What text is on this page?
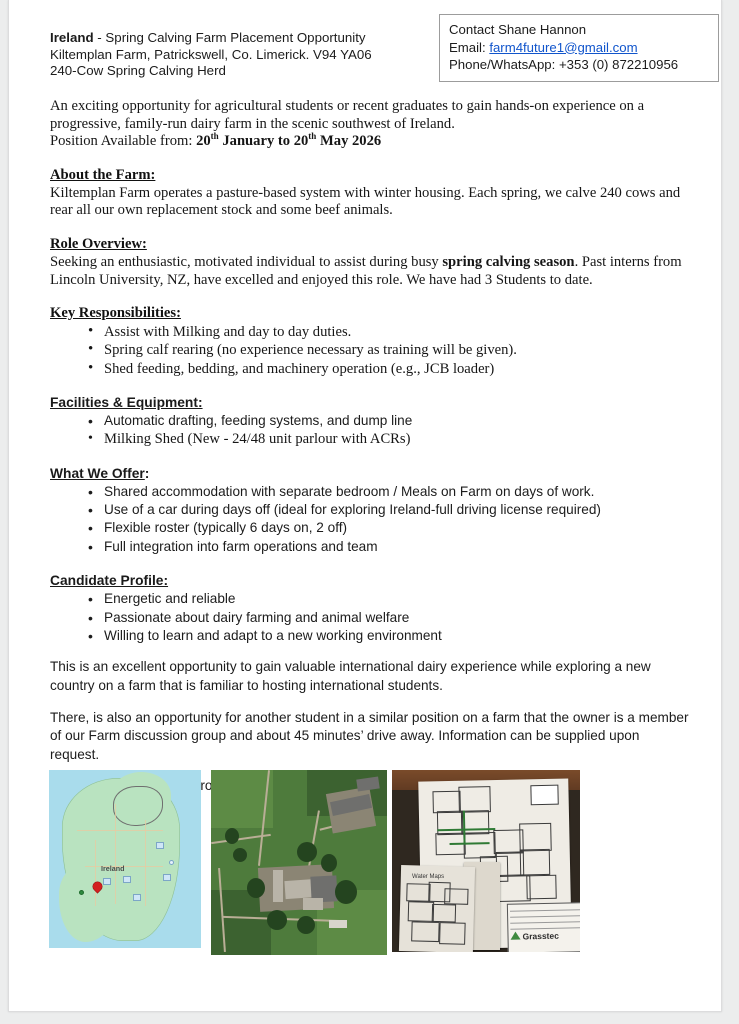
Ireland - Spring Calving Farm Placement Opportunity
Kiltemplan Farm, Patrickswell, Co. Limerick. V94 YA06
240-Cow Spring Calving Herd
Contact Shane Hannon
Email: farm4future1@gmail.com
Phone/WhatsApp: +353 (0) 872210956
An exciting opportunity for agricultural students or recent graduates to gain hands-on experience on a
progressive, family-run dairy farm in the scenic southwest of Ireland.
Position Available from: 20th January to 20th May 2026
About the Farm:
Kiltemplan Farm operates a pasture-based system with winter housing. Each spring, we calve 240 cows and
rear all our own replacement stock and some beef animals.
Role Overview:
Seeking an enthusiastic, motivated individual to assist during busy spring calving season. Past interns from
Lincoln University, NZ, have excelled and enjoyed this role. We have had 3 Students to date.
Key Responsibilities:
• Assist with Milking and day to day duties.
• Spring calf rearing (no experience necessary as training will be given).
• Shed feeding, bedding, and machinery operation (e.g., JCB loader)
Facilities & Equipment:
• Automatic drafting, feeding systems, and dump line
• Milking Shed (New - 24/48 unit parlour with ACRs)
What We Offer:
• Shared accommodation with separate bedroom / Meals on Farm on days of work.
• Use of a car during days off (ideal for exploring Ireland-full driving license required)
• Flexible roster (typically 6 days on, 2 off)
• Full integration into farm operations and team
Candidate Profile:
• Energetic and reliable
• Passionate about dairy farming and animal welfare
• Willing to learn and adapt to a new working environment
This is an excellent opportunity to gain valuable international dairy experience while exploring a new
country on a farm that is familiar to hosting international students.
There, is also an opportunity for another student in a similar position on a farm that the owner is a member
of our Farm discussion group and about 45 minutes’ drive away. Information can be supplied upon
request.
Ireland
Grasstec
Water Maps
